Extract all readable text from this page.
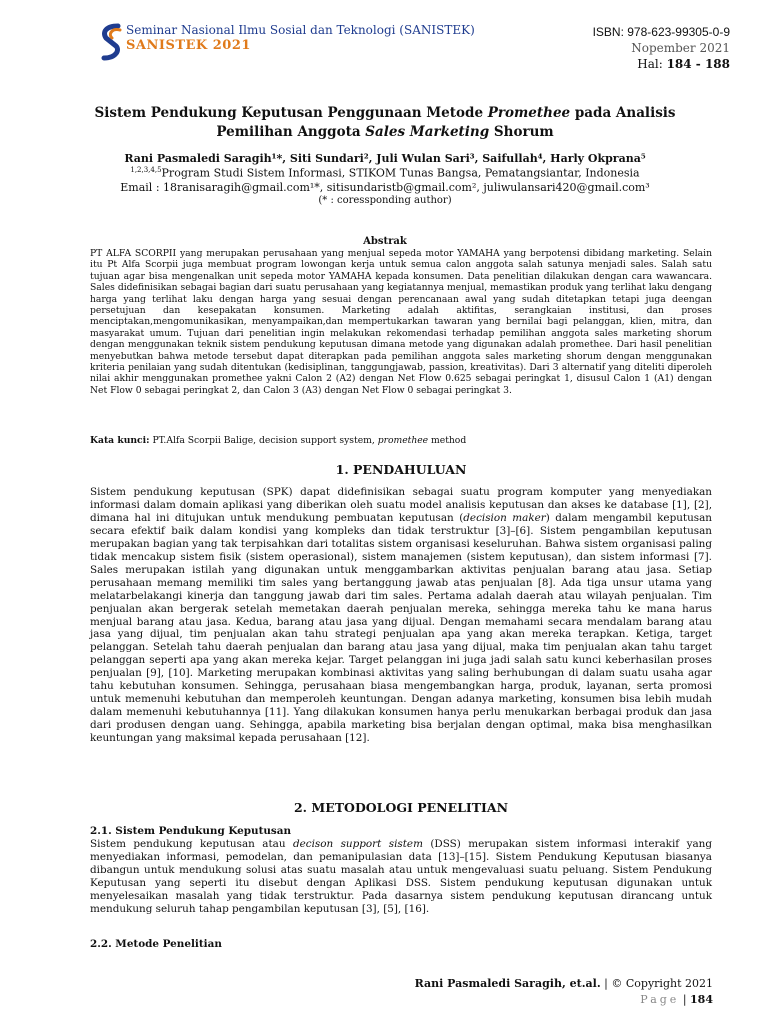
Seminar Nasional Ilmu Sosial dan Teknologi (SANISTEK)
SANISTEK 2021
ISBN: 978-623-99305-0-9
Nopember 2021
Hal: 184 - 188
Sistem Pendukung Keputusan Penggunaan Metode Promethee pada Analisis Pemilihan Anggota Sales Marketing Shorum
Rani Pasmaledi Saragih¹*, Siti Sundari², Juli Wulan Sari³, Saifullah⁴, Harly Okprana⁵
$^{1,2,3,4,5}$Program Studi Sistem Informasi, STIKOM Tunas Bangsa, Pematangsiantar, Indonesia
Email : 18ranisaragih@gmail.com¹*, sitisundaristb@gmail.com², juliwulansari420@gmail.com³
(* : coressponding author)
Abstrak

PT ALFA SCORPII yang merupakan perusahaan yang menjual sepeda motor YAMAHA yang berpotensi dibidang marketing. Selain itu Pt Alfa Scorpii juga membuat program lowongan kerja untuk semua calon anggota salah satunya menjadi sales. Salah satu tujuan agar bisa mengenalkan unit sepeda motor YAMAHA kepada konsumen. Data penelitian dilakukan dengan cara wawancara. Sales didefinisikan sebagai bagian dari suatu perusahaan yang kegiatannya menjual, memastikan produk yang terlihat laku dengang harga yang terlihat laku dengan harga yang sesuai dengan perencanaan awal yang sudah ditetapkan tetapi juga deengan persetujuan dan kesepakatan konsumen. Marketing adalah aktifitas, serangkaian institusi, dan proses menciptakan,mengomunikasikan, menyampaikan,dan mempertukarkan tawaran yang bernilai bagi pelanggan, klien, mitra, dan masyarakat umum. Tujuan dari penelitian ingin melakukan rekomendasi terhadap pemilihan anggota sales marketing shorum dengan menggunakan teknik sistem pendukung keputusan dimana metode yang digunakan adalah promethee. Dari hasil penelitian menyebutkan bahwa metode tersebut dapat diterapkan pada pemilihan anggota sales marketing shorum dengan menggunakan kriteria penilaian yang sudah ditentukan (kedisiplinan, tanggungjawab, passion, kreativitas). Dari 3 alternatif yang diteliti diperoleh nilai akhir menggunakan promethee yakni Calon 2 (A2) dengan Net Flow 0.625 sebagai peringkat 1, disusul Calon 1 (A1) dengan Net Flow 0 sebagai peringkat 2, dan Calon 3 (A3) dengan Net Flow 0 sebagai peringkat 3.

Kata kunci: PT.Alfa Scorpii Balige, decision support system, promethee method
1. PENDAHULUAN

Sistem pendukung keputusan (SPK) dapat didefinisikan sebagai suatu program komputer yang menyediakan informasi dalam domain aplikasi yang diberikan oleh suatu model analisis keputusan dan akses ke database [1], [2], dimana hal ini ditujukan untuk mendukung pembuatan keputusan (decision maker) dalam mengambil keputusan secara efektif baik dalam kondisi yang kompleks dan tidak terstruktur [3]–[6]. Sistem pengambilan keputusan merupakan bagian yang tak terpisahkan dari totalitas sistem organisasi keseluruhan. Bahwa sistem organisasi paling tidak mencakup sistem fisik (sistem operasional), sistem manajemen (sistem keputusan), dan sistem informasi [7]. Sales merupakan istilah yang digunakan untuk menggambarkan aktivitas penjualan barang atau jasa. Setiap perusahaan memang memiliki tim sales yang bertanggung jawab atas penjualan [8]. Ada tiga unsur utama yang melatarbelakangi kinerja dan tanggung jawab dari tim sales. Pertama adalah daerah atau wilayah penjualan. Tim penjualan akan bergerak setelah memetakan daerah penjualan mereka, sehingga mereka tahu ke mana harus menjual barang atau jasa. Kedua, barang atau jasa yang dijual. Dengan memahami secara mendalam barang atau jasa yang dijual, tim penjualan akan tahu strategi penjualan apa yang akan mereka terapkan. Ketiga, target pelanggan. Setelah tahu daerah penjualan dan barang atau jasa yang dijual, maka tim penjualan akan tahu target pelanggan seperti apa yang akan mereka kejar. Target pelanggan ini juga jadi salah satu kunci keberhasilan proses penjualan [9], [10]. Marketing merupakan kombinasi aktivitas yang saling berhubungan di dalam suatu usaha agar tahu kebutuhan konsumen. Sehingga, perusahaan biasa mengembangkan harga, produk, layanan, serta promosi untuk memenuhi kebutuhan dan memperoleh keuntungan. Dengan adanya marketing, konsumen bisa lebih mudah dalam memenuhi kebutuhannya [11]. Yang dilakukan konsumen hanya perlu menukarkan berbagai produk dan jasa dari produsen dengan uang. Sehingga, apabila marketing bisa berjalan dengan optimal, maka bisa menghasilkan keuntungan yang maksimal kepada perusahaan [12].

2. METODOLOGI PENELITIAN
2.1. Sistem Pendukung Keputusan

Sistem pendukung keputusan atau decison support sistem (DSS) merupakan sistem informasi interakif yang menyediakan informasi, pemodelan, dan pemanipulasian data [13]–[15]. Sistem Pendukung Keputusan biasanya dibangun untuk mendukung solusi atas suatu masalah atau untuk mengevaluasi suatu peluang. Sistem Pendukung Keputusan yang seperti itu disebut dengan Aplikasi DSS. Sistem pendukung keputusan digunakan untuk menyelesaikan masalah yang tidak terstruktur. Pada dasarnya sistem pendukung keputusan dirancang untuk mendukung seluruh tahap pengambilan keputusan [3], [5], [16].

2.2. Metode Penelitian
Rani Pasmaledi Saragih, et.al. | © Copyright 2021
Page | 184
